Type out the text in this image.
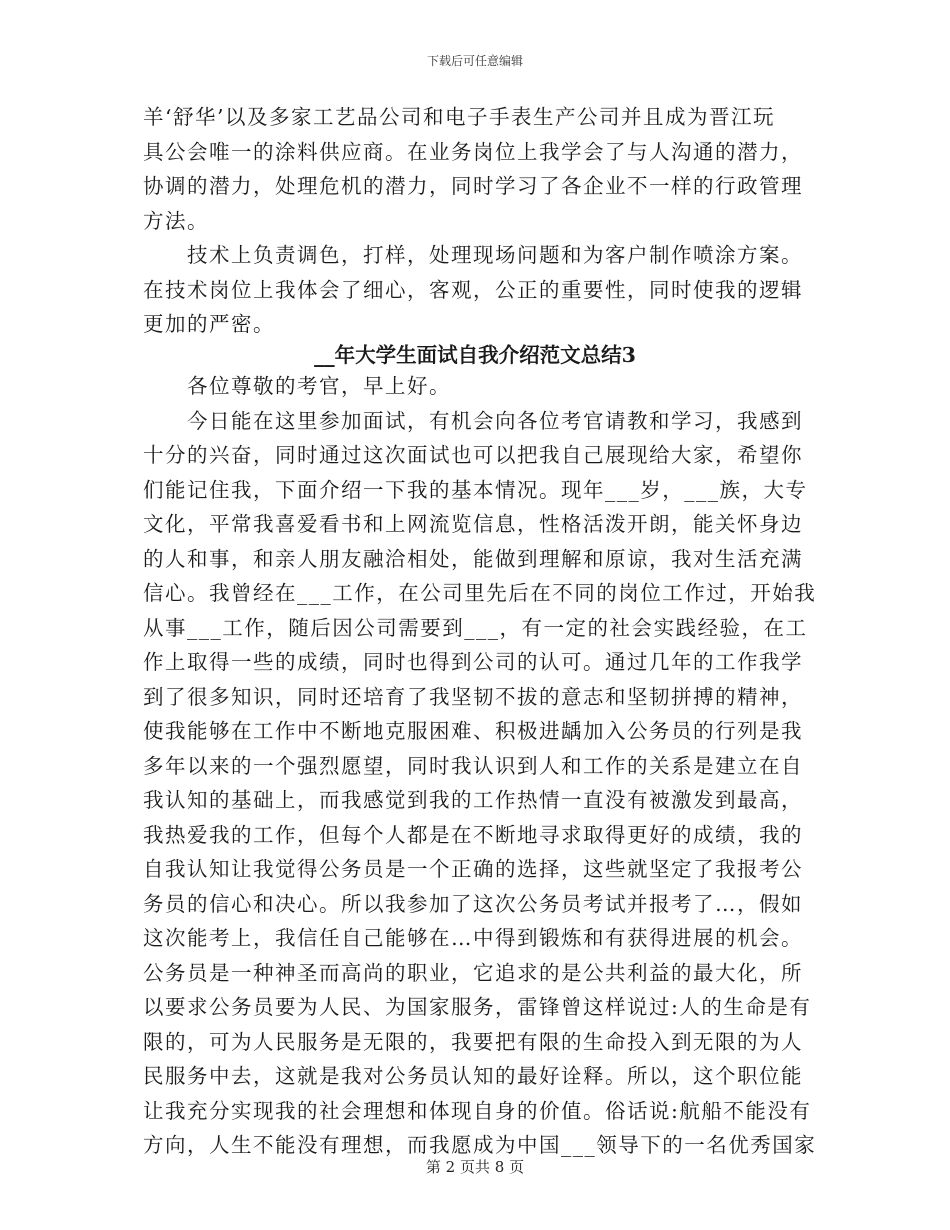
下载后可任意编辑
羊‘舒华’以及多家工艺品公司和电子手表生产公司并且成为晋江玩
具公会唯一的涂料供应商。在业务岗位上我学会了与人沟通的潜力，
协调的潜力，处理危机的潜力，同时学习了各企业不一样的行政管理
方法。
　　技术上负责调色，打样，处理现场问题和为客户制作喷涂方案。
在技术岗位上我体会了细心，客观，公正的重要性，同时使我的逻辑
更加的严密。
__年大学生面试自我介绍范文总结3
　　各位尊敬的考官，早上好。
　　今日能在这里参加面试，有机会向各位考官请教和学习，我感到
十分的兴奋，同时通过这次面试也可以把我自己展现给大家，希望你
们能记住我，下面介绍一下我的基本情况。现年___岁，___族，大专
文化，平常我喜爱看书和上网流览信息，性格活泼开朗，能关怀身边
的人和事，和亲人朋友融洽相处，能做到理解和原谅，我对生活充满
信心。我曾经在___工作，在公司里先后在不同的岗位工作过，开始我
从事___工作，随后因公司需要到___，有一定的社会实践经验，在工
作上取得一些的成绩，同时也得到公司的认可。通过几年的工作我学
到了很多知识，同时还培育了我坚韧不拔的意志和坚韧拼搏的精神，
使我能够在工作中不断地克服困难、积极进龋加入公务员的行列是我
多年以来的一个强烈愿望，同时我认识到人和工作的关系是建立在自
我认知的基础上，而我感觉到我的工作热情一直没有被激发到最高，
我热爱我的工作，但每个人都是在不断地寻求取得更好的成绩，我的
自我认知让我觉得公务员是一个正确的选择，这些就坚定了我报考公
务员的信心和决心。所以我参加了这次公务员考试并报考了…，假如
这次能考上，我信任自己能够在…中得到锻炼和有获得进展的机会。
公务员是一种神圣而高尚的职业，它追求的是公共利益的最大化，所
以要求公务员要为人民、为国家服务，雷锋曾这样说过:人的生命是有
限的，可为人民服务是无限的，我要把有限的生命投入到无限的为人
民服务中去，这就是我对公务员认知的最好诠释。所以，这个职位能
让我充分实现我的社会理想和体现自身的价值。俗话说:航船不能没有
方向，人生不能没有理想，而我愿成为中国___领导下的一名优秀国家
第 2 页共 8 页
